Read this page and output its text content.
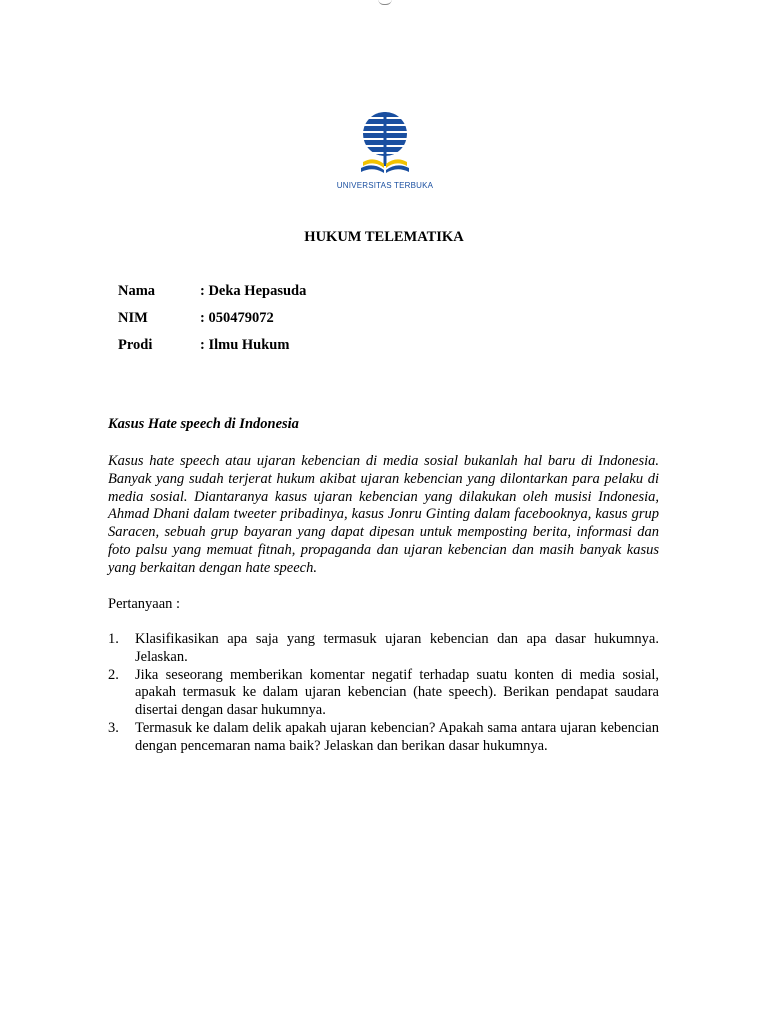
UNIVERSITAS TERBUKA
HUKUM TELEMATIKA
Nama	: Deka Hepasuda
NIM	: 050479072
Prodi	: Ilmu Hukum
Kasus Hate speech di Indonesia
Kasus hate speech atau ujaran kebencian di media sosial bukanlah hal baru di Indonesia. Banyak yang sudah terjerat hukum akibat ujaran kebencian yang dilontarkan para pelaku di media sosial. Diantaranya kasus ujaran kebencian yang dilakukan oleh musisi Indonesia, Ahmad Dhani dalam tweeter pribadinya, kasus Jonru Ginting dalam facebooknya, kasus grup Saracen, sebuah grup bayaran yang dapat dipesan untuk memposting berita, informasi dan foto palsu yang memuat fitnah, propaganda dan ujaran kebencian dan masih banyak kasus yang berkaitan dengan hate speech.
Pertanyaan :
1.	Klasifikasikan apa saja yang termasuk ujaran kebencian dan apa dasar hukumnya. Jelaskan.
2.	Jika seseorang memberikan komentar negatif terhadap suatu konten di media sosial, apakah termasuk ke dalam ujaran kebencian (hate speech). Berikan pendapat saudara disertai dengan dasar hukumnya.
3.	Termasuk ke dalam delik apakah ujaran kebencian? Apakah sama antara ujaran kebencian dengan pencemaran nama baik? Jelaskan dan berikan dasar hukumnya.
